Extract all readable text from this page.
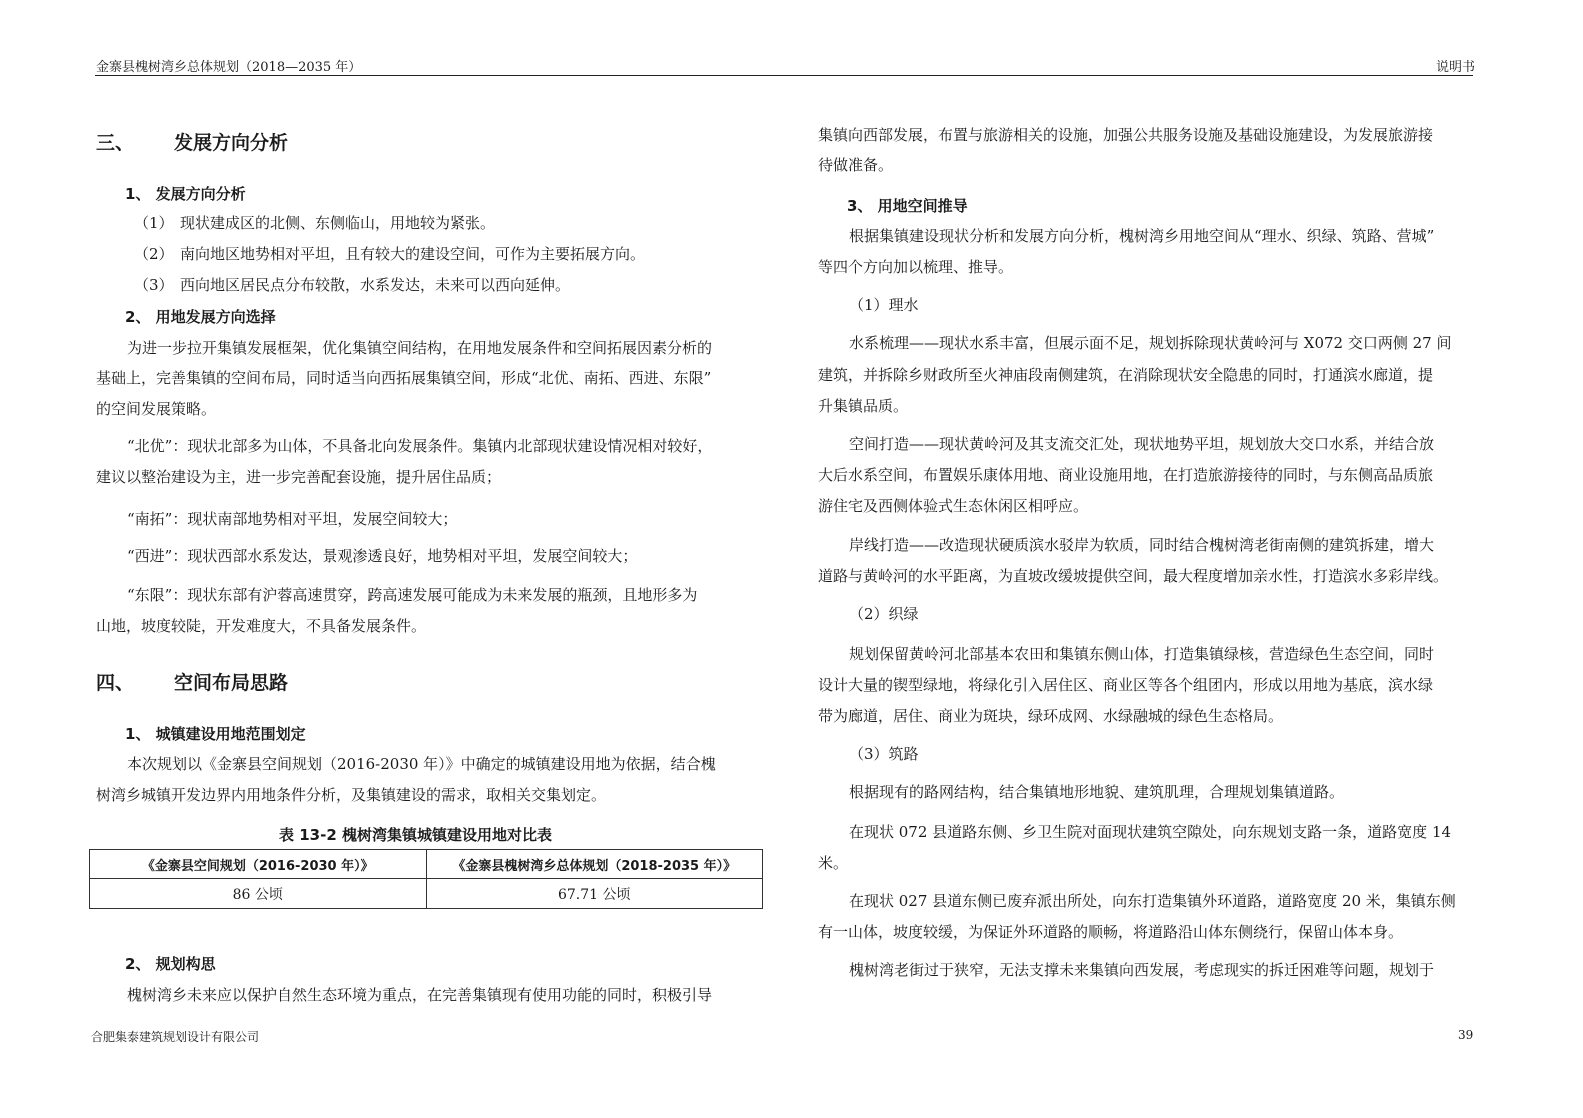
金寨县槐树湾乡总体规划（2018—2035 年）	说明书
三、 发展方向分析
1、 发展方向分析
（1） 现状建成区的北侧、东侧临山，用地较为紧张。
（2） 南向地区地势相对平坦，且有较大的建设空间，可作为主要拓展方向。
（3） 西向地区居民点分布较散，水系发达，未来可以西向延伸。
2、 用地发展方向选择
为进一步拉开集镇发展框架，优化集镇空间结构，在用地发展条件和空间拓展因素分析的
基础上，完善集镇的空间布局，同时适当向西拓展集镇空间，形成“北优、南拓、西进、东限”
的空间发展策略。
“北优”：现状北部多为山体，不具备北向发展条件。集镇内北部现状建设情况相对较好，
建议以整治建设为主，进一步完善配套设施，提升居住品质；
“南拓”：现状南部地势相对平坦，发展空间较大；
“西进”：现状西部水系发达，景观渗透良好，地势相对平坦，发展空间较大；
“东限”：现状东部有沪蓉高速贯穿，跨高速发展可能成为未来发展的瓶颈，且地形多为
山地，坡度较陡，开发难度大，不具备发展条件。
四、 空间布局思路
1、 城镇建设用地范围划定
本次规划以《金寨县空间规划（2016-2030 年）》中确定的城镇建设用地为依据，结合槐
树湾乡城镇开发边界内用地条件分析，及集镇建设的需求，取相关交集划定。
表 13-2 槐树湾集镇城镇建设用地对比表
《金寨县空间规划（2016-2030 年）》	《金寨县槐树湾乡总体规划（2018-2035 年）》
86 公顷	67.71 公顷
2、 规划构思
槐树湾乡未来应以保护自然生态环境为重点，在完善集镇现有使用功能的同时，积极引导
集镇向西部发展，布置与旅游相关的设施，加强公共服务设施及基础设施建设，为发展旅游接
待做准备。
3、 用地空间推导
根据集镇建设现状分析和发展方向分析，槐树湾乡用地空间从“理水、织绿、筑路、营城”
等四个方向加以梳理、推导。
（1）理水
水系梳理——现状水系丰富，但展示面不足，规划拆除现状黄岭河与 X072 交口两侧 27 间
建筑，并拆除乡财政所至火神庙段南侧建筑，在消除现状安全隐患的同时，打通滨水廊道，提
升集镇品质。
空间打造——现状黄岭河及其支流交汇处，现状地势平坦，规划放大交口水系，并结合放
大后水系空间，布置娱乐康体用地、商业设施用地，在打造旅游接待的同时，与东侧高品质旅
游住宅及西侧体验式生态休闲区相呼应。
岸线打造——改造现状硬质滨水驳岸为软质，同时结合槐树湾老街南侧的建筑拆建，增大
道路与黄岭河的水平距离，为直坡改缓坡提供空间，最大程度增加亲水性，打造滨水多彩岸线。
（2）织绿
规划保留黄岭河北部基本农田和集镇东侧山体，打造集镇绿核，营造绿色生态空间，同时
设计大量的锲型绿地，将绿化引入居住区、商业区等各个组团内，形成以用地为基底，滨水绿
带为廊道，居住、商业为斑块，绿环成网、水绿融城的绿色生态格局。
（3）筑路
根据现有的路网结构，结合集镇地形地貌、建筑肌理，合理规划集镇道路。
在现状 072 县道路东侧、乡卫生院对面现状建筑空隙处，向东规划支路一条，道路宽度 14
米。
在现状 027 县道东侧已废弃派出所处，向东打造集镇外环道路，道路宽度 20 米，集镇东侧
有一山体，坡度较缓，为保证外环道路的顺畅，将道路沿山体东侧绕行，保留山体本身。
槐树湾老街过于狭窄，无法支撑未来集镇向西发展，考虑现实的拆迁困难等问题，规划于
合肥集泰建筑规划设计有限公司	39
